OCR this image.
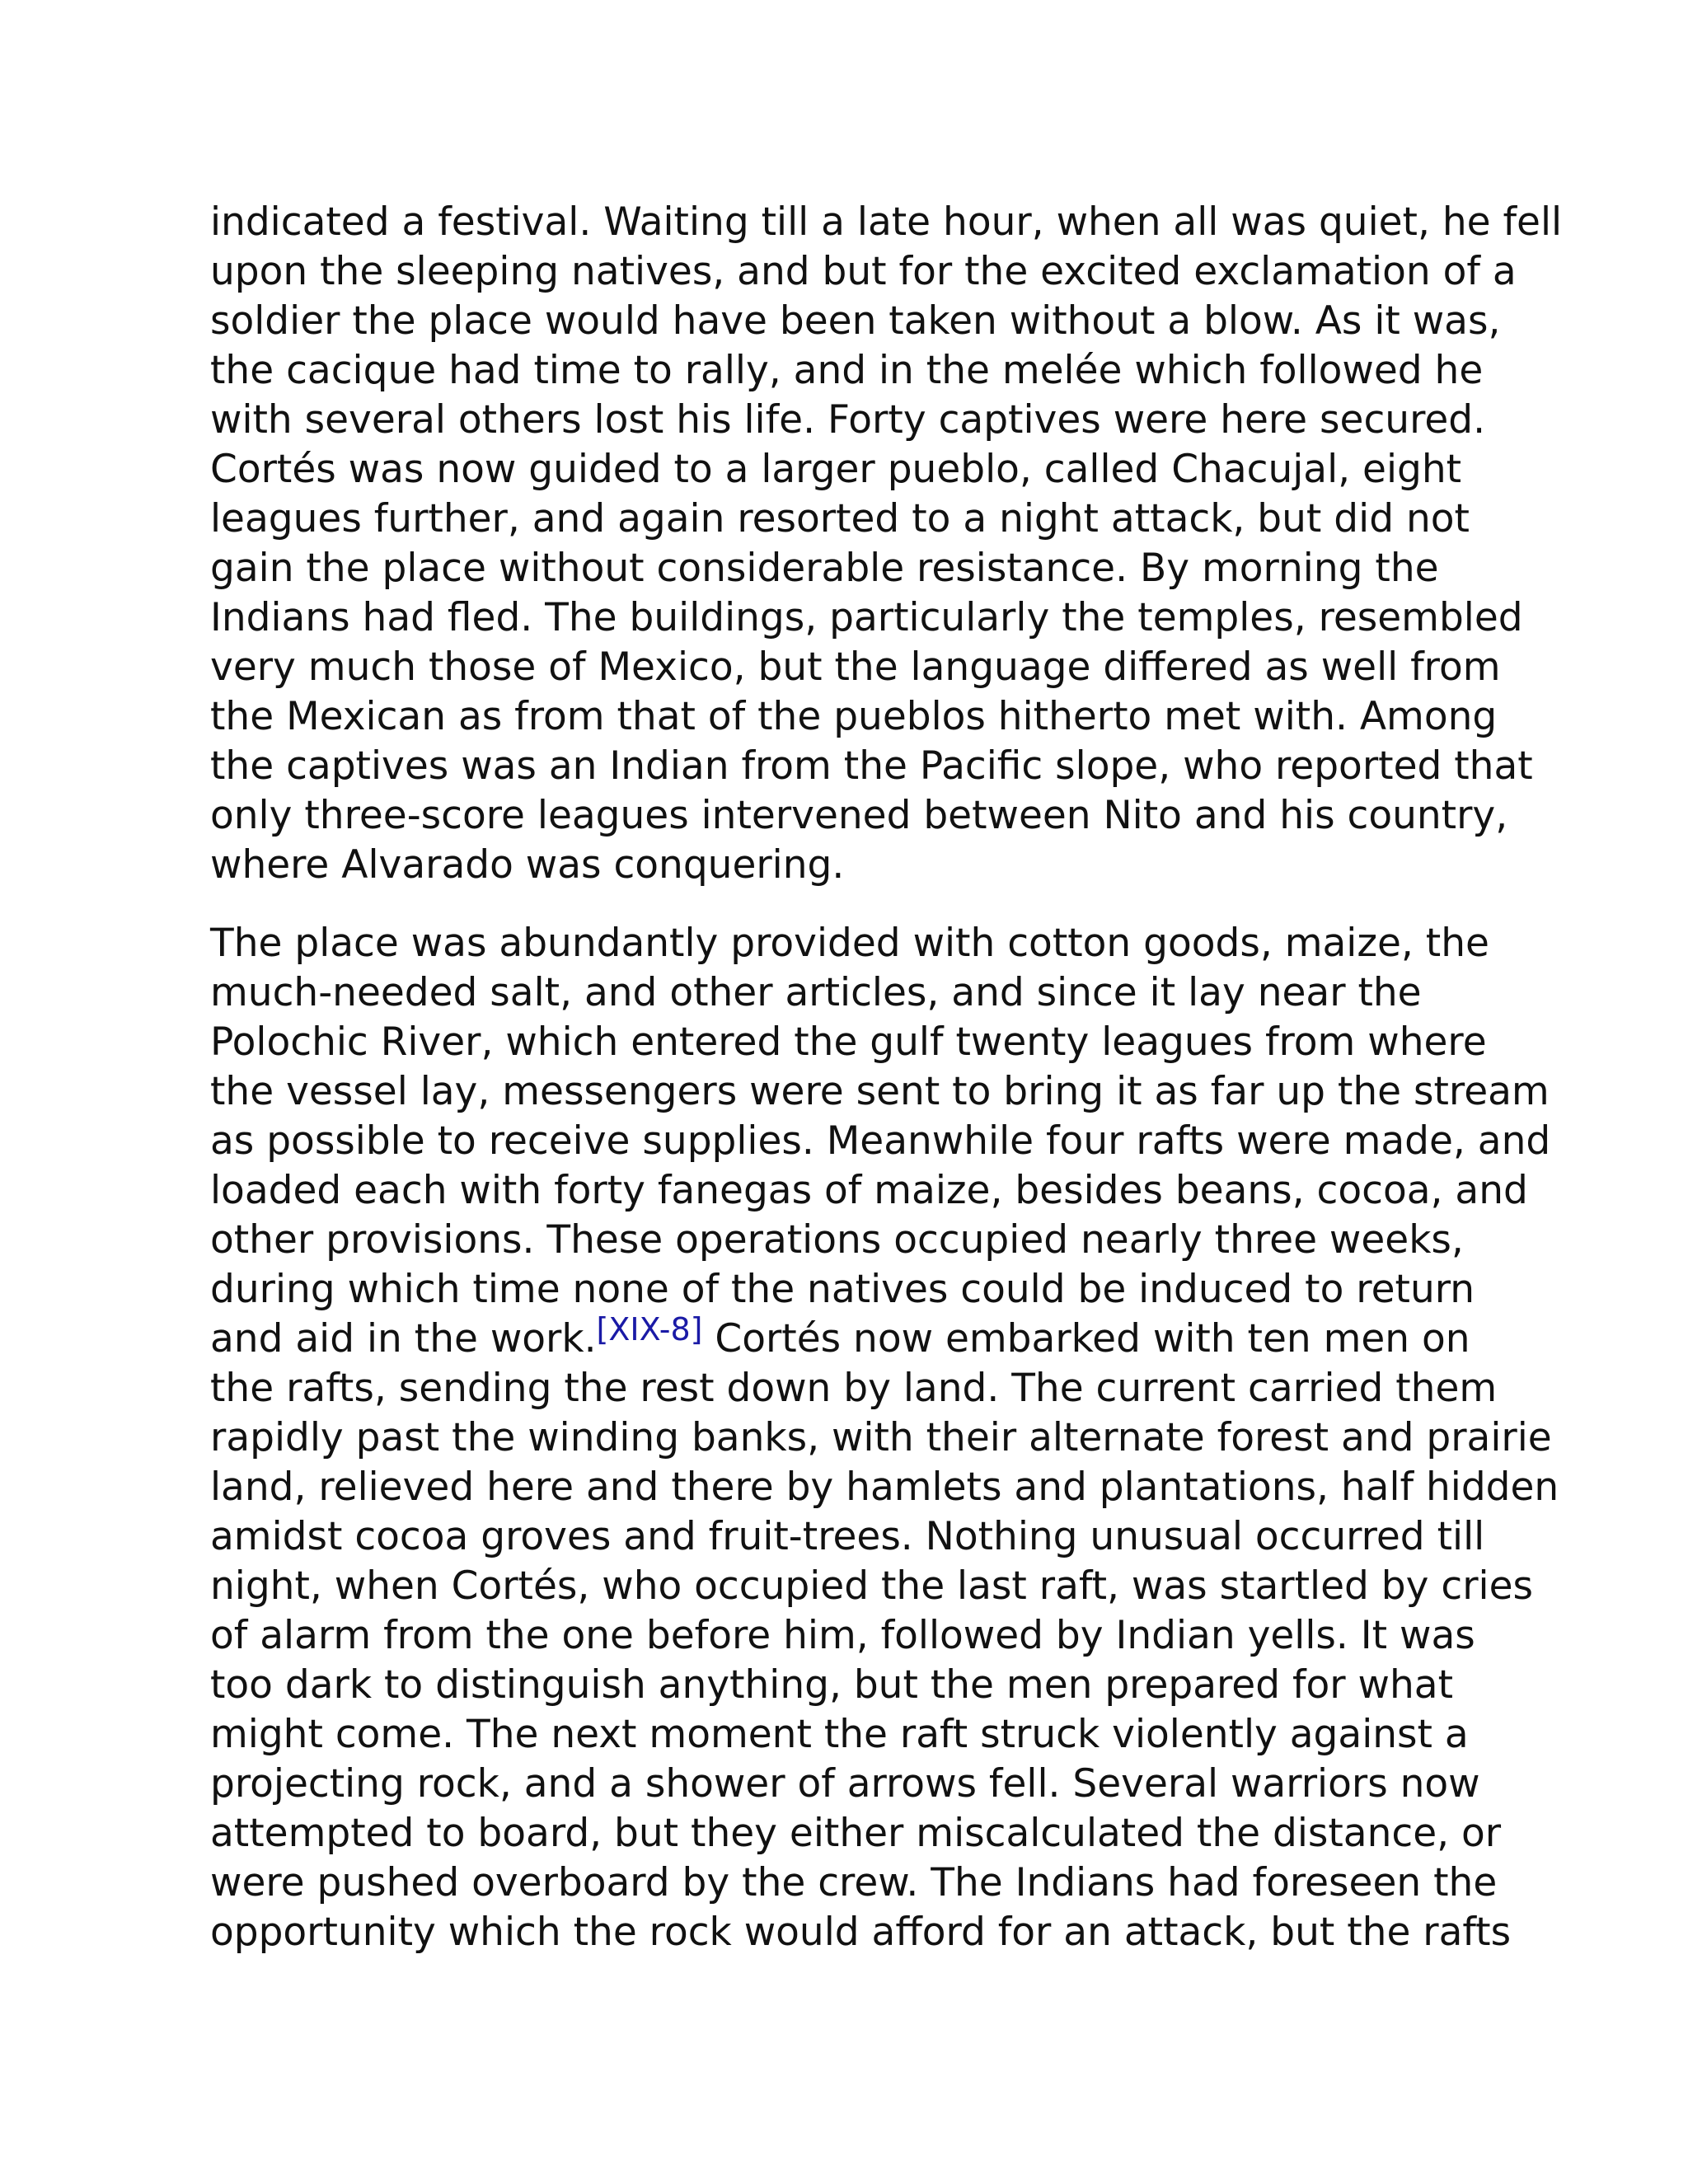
indicated a festival. Waiting till a late hour, when all was quiet, he fell
upon the sleeping natives, and but for the excited exclamation of a
soldier the place would have been taken without a blow. As it was,
the cacique had time to rally, and in the melée which followed he
with several others lost his life. Forty captives were here secured.
Cortés was now guided to a larger pueblo, called Chacujal, eight
leagues further, and again resorted to a night attack, but did not
gain the place without considerable resistance. By morning the
Indians had fled. The buildings, particularly the temples, resembled
very much those of Mexico, but the language differed as well from
the Mexican as from that of the pueblos hitherto met with. Among
the captives was an Indian from the Pacific slope, who reported that
only three-score leagues intervened between Nito and his country,
where Alvarado was conquering.

The place was abundantly provided with cotton goods, maize, the
much-needed salt, and other articles, and since it lay near the
Polochic River, which entered the gulf twenty leagues from where
the vessel lay, messengers were sent to bring it as far up the stream
as possible to receive supplies. Meanwhile four rafts were made, and
loaded each with forty fanegas of maize, besides beans, cocoa, and
other provisions. These operations occupied nearly three weeks,
during which time none of the natives could be induced to return
and aid in the work.[XIX-8] Cortés now embarked with ten men on
the rafts, sending the rest down by land. The current carried them
rapidly past the winding banks, with their alternate forest and prairie
land, relieved here and there by hamlets and plantations, half hidden
amidst cocoa groves and fruit-trees. Nothing unusual occurred till
night, when Cortés, who occupied the last raft, was startled by cries
of alarm from the one before him, followed by Indian yells. It was
too dark to distinguish anything, but the men prepared for what
might come. The next moment the raft struck violently against a
projecting rock, and a shower of arrows fell. Several warriors now
attempted to board, but they either miscalculated the distance, or
were pushed overboard by the crew. The Indians had foreseen the
opportunity which the rock would afford for an attack, but the rafts
